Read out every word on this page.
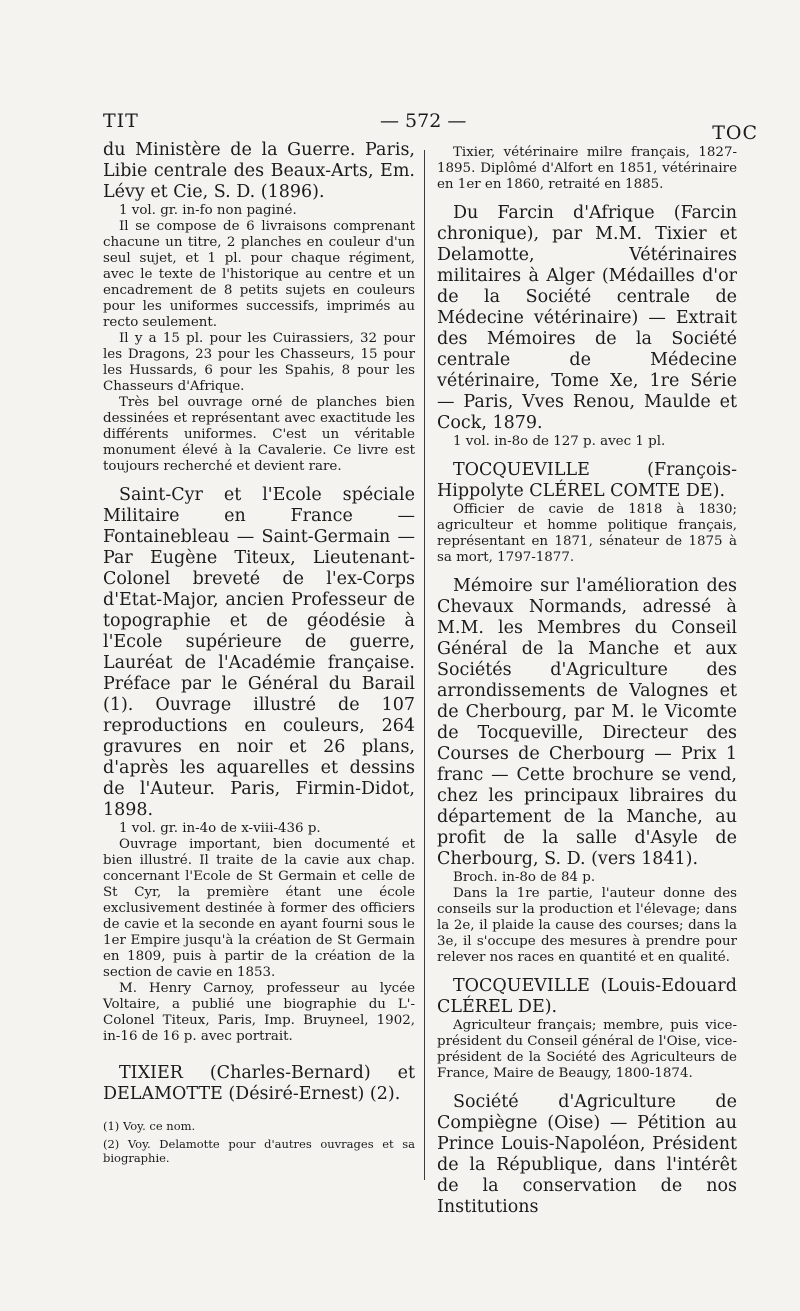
TIT	— 572 —
TOC

du Ministère de la Guerre. Paris, Libie centrale des Beaux-Arts, Em. Lévy et Cie, S. D. (1896).

1 vol. gr. in-fo non paginé.

Il se compose de 6 livraisons comprenant chacune un titre, 2 planches en couleur d'un seul sujet, et 1 pl. pour chaque régiment, avec le texte de l'historique au centre et un encadrement de 8 petits sujets en couleurs pour les uniformes successifs, imprimés au recto seulement.

Il y a 15 pl. pour les Cuirassiers, 32 pour les Dragons, 23 pour les Chasseurs, 15 pour les Hussards, 6 pour les Spahis, 8 pour les Chasseurs d'Afrique.

Très bel ouvrage orné de planches bien dessinées et représentant avec exactitude les différents uniformes. C'est un véritable monument élevé à la Cavalerie. Ce livre est toujours recherché et devient rare.

Saint-Cyr et l'Ecole spéciale Militaire en France — Fontainebleau — Saint-Germain — Par Eugène Titeux, Lieutenant-Colonel breveté de l'ex-Corps d'Etat-Major, ancien Professeur de topographie et de géodésie à l'Ecole supérieure de guerre, Lauréat de l'Académie française. Préface par le Général du Barail (1). Ouvrage illustré de 107 reproductions en couleurs, 264 gravures en noir et 26 plans, d'après les aquarelles et dessins de l'Auteur. Paris, Firmin-Didot, 1898.

1 vol. gr. in-4o de x-viii-436 p.

Ouvrage important, bien documenté et bien illustré. Il traite de la cavie aux chap. concernant l'Ecole de St Germain et celle de St Cyr, la première étant une école exclusivement destinée à former des officiers de cavie et la seconde en ayant fourni sous le 1er Empire jusqu'à la création de St Germain en 1809, puis à partir de la création de la section de cavie en 1853.

M. Henry Carnoy, professeur au lycée Voltaire, a publié une biographie du L'-Colonel Titeux, Paris, Imp. Bruyneel, 1902, in-16 de 16 p. avec portrait.

TIXIER (Charles-Bernard) et DELAMOTTE (Désiré-Ernest) (2).

(1) Voy. ce nom.

(2) Voy. Delamotte pour d'autres ouvrages et sa biographie.

Tixier, vétérinaire milre français, 1827-1895. Diplômé d'Alfort en 1851, vétérinaire en 1er en 1860, retraité en 1885.

Du Farcin d'Afrique (Farcin chronique), par M.M. Tixier et Delamotte, Vétérinaires militaires à Alger (Médailles d'or de la Société centrale de Médecine vétérinaire) — Extrait des Mémoires de la Société centrale de Médecine vétérinaire, Tome Xe, 1re Série — Paris, Vves Renou, Maulde et Cock, 1879.

1 vol. in-8o de 127 p. avec 1 pl.

TOCQUEVILLE (François-Hippolyte CLÉREL COMTE DE).

Officier de cavie de 1818 à 1830; agriculteur et homme politique français, représentant en 1871, sénateur de 1875 à sa mort, 1797-1877.

Mémoire sur l'amélioration des Chevaux Normands, adressé à M.M. les Membres du Conseil Général de la Manche et aux Sociétés d'Agriculture des arrondissements de Valognes et de Cherbourg, par M. le Vicomte de Tocqueville, Directeur des Courses de Cherbourg — Prix 1 franc — Cette brochure se vend, chez les principaux libraires du département de la Manche, au profit de la salle d'Asyle de Cherbourg, S. D. (vers 1841).

Broch. in-8o de 84 p.

Dans la 1re partie, l'auteur donne des conseils sur la production et l'élevage; dans la 2e, il plaide la cause des courses; dans la 3e, il s'occupe des mesures à prendre pour relever nos races en quantité et en qualité.

TOCQUEVILLE (Louis-Edouard CLÉREL DE).

Agriculteur français; membre, puis vice-président du Conseil général de l'Oise, vice-président de la Société des Agriculteurs de France, Maire de Beaugy, 1800-1874.

Société d'Agriculture de Compiègne (Oise) — Pétition au Prince Louis-Napoléon, Président de la République, dans l'intérêt de la conservation de nos Institutions
